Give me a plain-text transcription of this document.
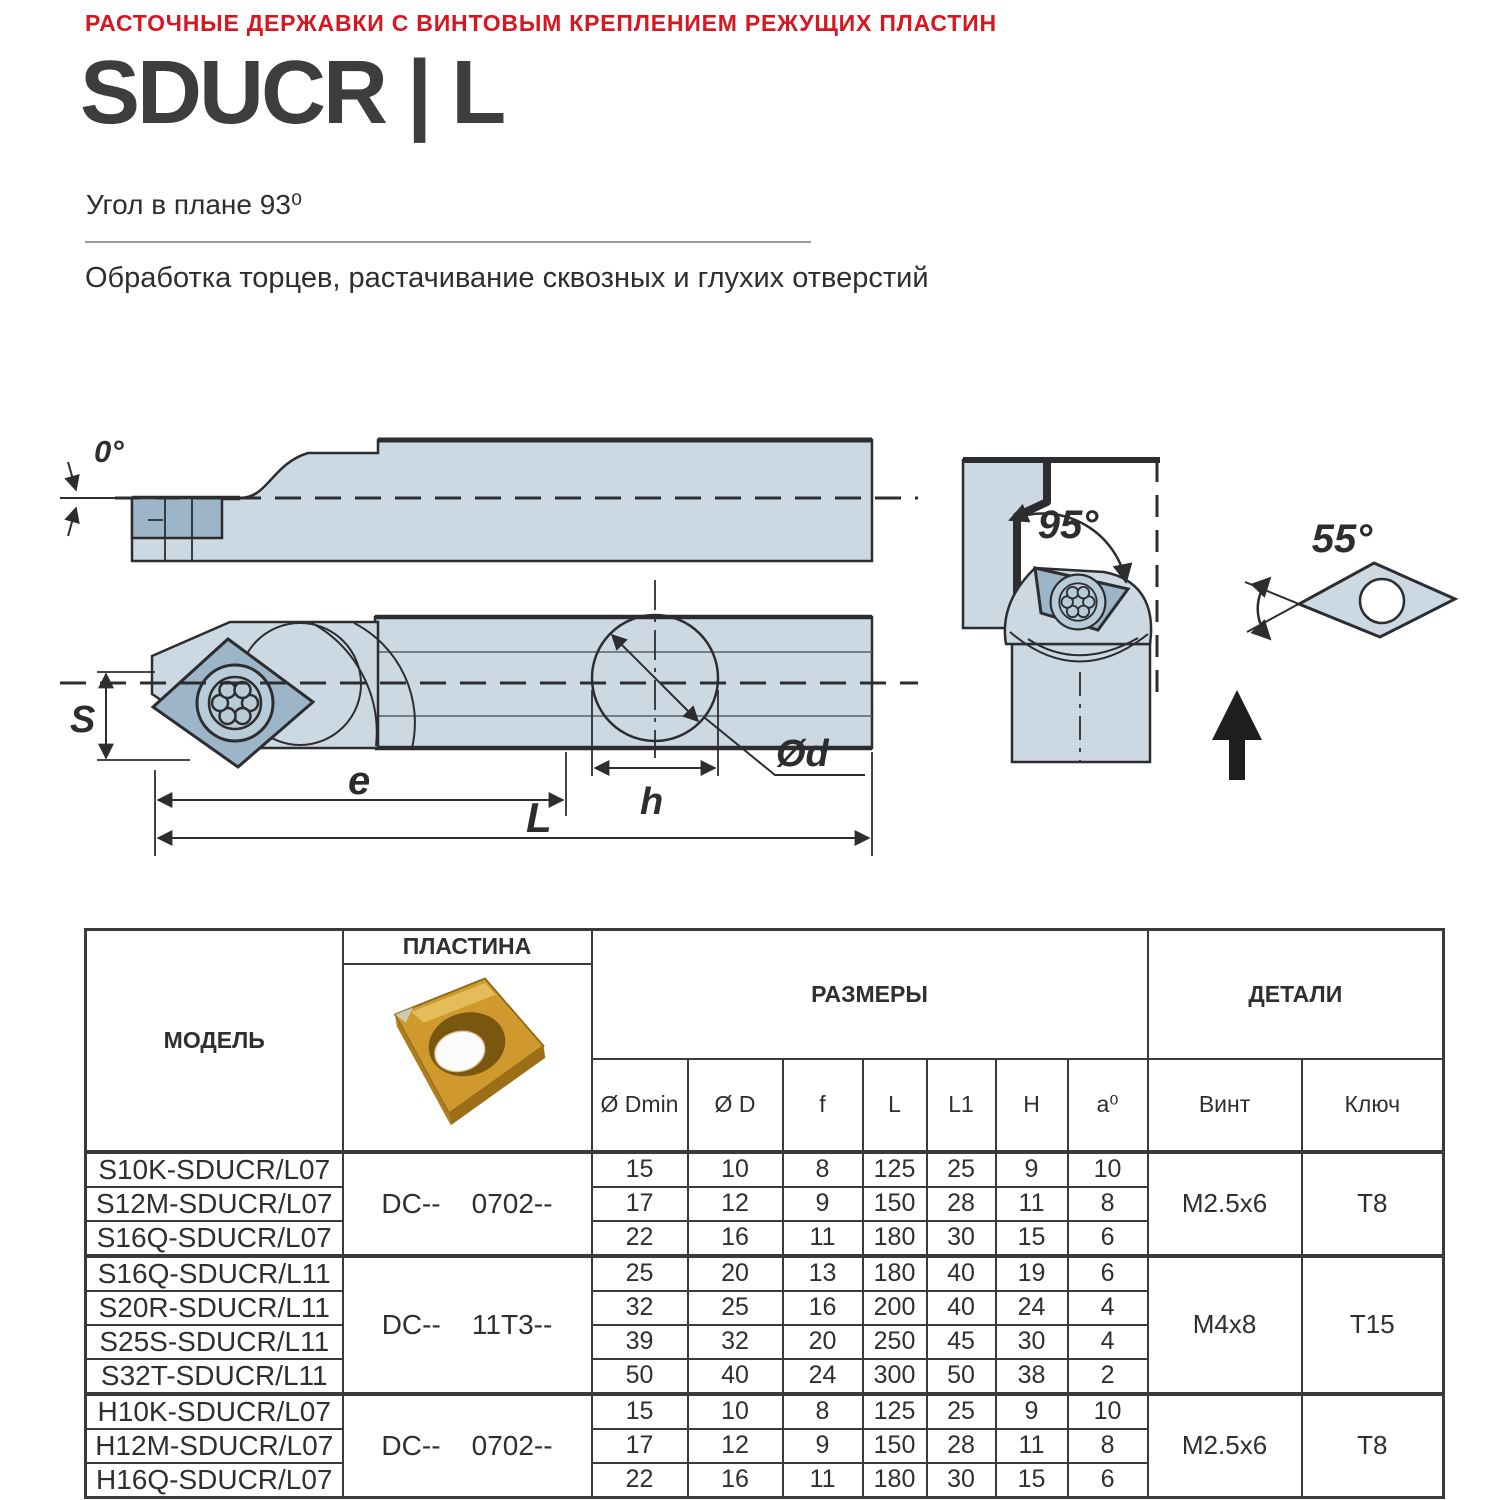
РАСТОЧНЫЕ ДЕРЖАВКИ С ВИНТОВЫМ КРЕПЛЕНИЕМ РЕЖУЩИХ ПЛАСТИН
SDUCR | L
Угол в плане 93⁰
Обработка торцев, растачивание сквозных и глухих отверстий
0°
S
e
L h
Ød
95°	55°
МОДЕЛЬ	ПЛАСТИНА	РАЗМЕРЫ							ДЕТАЛИ	

		Ø Dmin	Ø D	f	L	L1	H	a⁰	Винт	Ключ
S10K-SDUCR/L07	DC--    0702--	15	10	8	125	25	9	10	M2.5x6	T8
S12M-SDUCR/L07		17	12	9	150	28	11	8		
S16Q-SDUCR/L07		22	16	11	180	30	15	6		
S16Q-SDUCR/L11	DC--    11T3--	25	20	13	180	40	19	6	M4x8	T15
S20R-SDUCR/L11		32	25	16	200	40	24	4		
S25S-SDUCR/L11		39	32	20	250	45	30	4		
S32T-SDUCR/L11		50	40	24	300	50	38	2		
H10K-SDUCR/L07	DC--    0702--	15	10	8	125	25	9	10	M2.5x6	T8
H12M-SDUCR/L07		17	12	9	150	28	11	8		
H16Q-SDUCR/L07		22	16	11	180	30	15	6		
